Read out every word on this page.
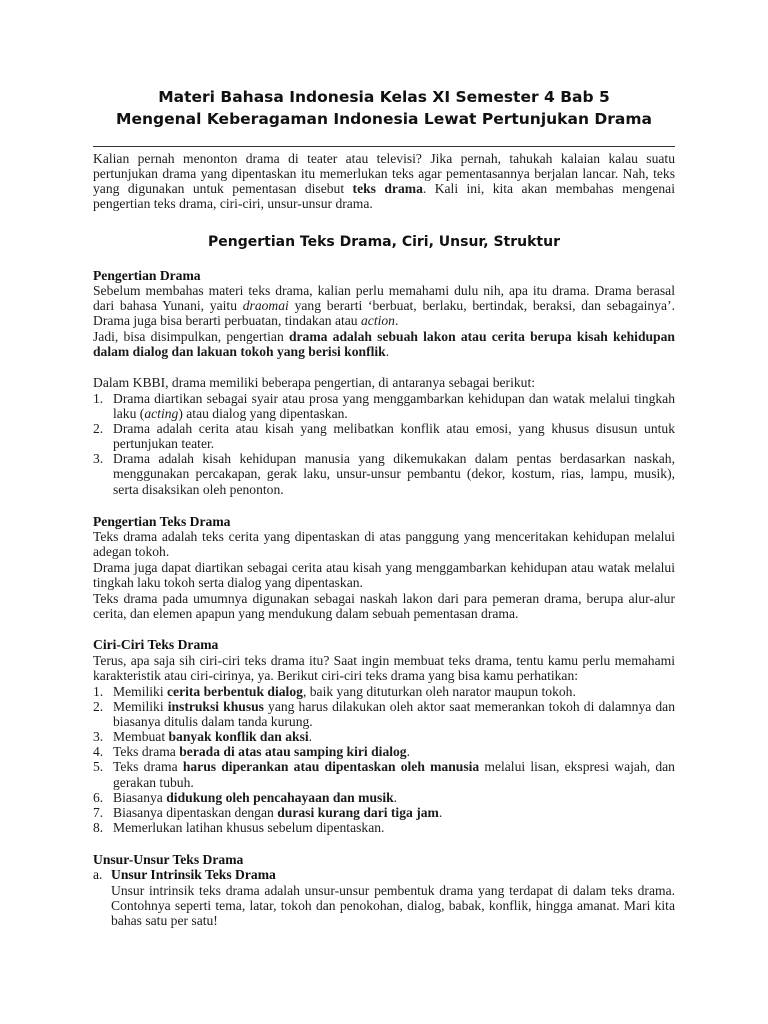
Materi Bahasa Indonesia Kelas XI Semester 4 Bab 5
Mengenal Keberagaman Indonesia Lewat Pertunjukan Drama

Kalian pernah menonton drama di teater atau televisi? Jika pernah, tahukah kalaian kalau suatu pertunjukan drama yang dipentaskan itu memerlukan teks agar pementasannya berjalan lancar. Nah, teks yang digunakan untuk pementasan disebut teks drama. Kali ini, kita akan membahas mengenai pengertian teks drama, ciri-ciri, unsur-unsur drama.

Pengertian Teks Drama, Ciri, Unsur, Struktur
Pengertian Drama

Sebelum membahas materi teks drama, kalian perlu memahami dulu nih, apa itu drama. Drama berasal dari bahasa Yunani, yaitu draomai yang berarti ‘berbuat, berlaku, bertindak, beraksi, dan sebagainya’. Drama juga bisa berarti perbuatan, tindakan atau action.

Jadi, bisa disimpulkan, pengertian drama adalah sebuah lakon atau cerita berupa kisah kehidupan dalam dialog dan lakuan tokoh yang berisi konflik.

Dalam KBBI, drama memiliki beberapa pengertian, di antaranya sebagai berikut:

1. Drama diartikan sebagai syair atau prosa yang menggambarkan kehidupan dan watak melalui tingkah laku (acting) atau dialog yang dipentaskan.
2. Drama adalah cerita atau kisah yang melibatkan konflik atau emosi, yang khusus disusun untuk pertunjukan teater.
3. Drama adalah kisah kehidupan manusia yang dikemukakan dalam pentas berdasarkan naskah, menggunakan percakapan, gerak laku, unsur-unsur pembantu (dekor, kostum, rias, lampu, musik), serta disaksikan oleh penonton.
Pengertian Teks Drama

Teks drama adalah teks cerita yang dipentaskan di atas panggung yang menceritakan kehidupan melalui adegan tokoh.

Drama juga dapat diartikan sebagai cerita atau kisah yang menggambarkan kehidupan atau watak melalui tingkah laku tokoh serta dialog yang dipentaskan.

Teks drama pada umumnya digunakan sebagai naskah lakon dari para pemeran drama, berupa alur-alur cerita, dan elemen apapun yang mendukung dalam sebuah pementasan drama.

Ciri-Ciri Teks Drama

Terus, apa saja sih ciri-ciri teks drama itu? Saat ingin membuat teks drama, tentu kamu perlu memahami karakteristik atau ciri-cirinya, ya. Berikut ciri-ciri teks drama yang bisa kamu perhatikan:

1. Memiliki cerita berbentuk dialog, baik yang dituturkan oleh narator maupun tokoh.
2. Memiliki instruksi khusus yang harus dilakukan oleh aktor saat memerankan tokoh di dalamnya dan biasanya ditulis dalam tanda kurung.
3. Membuat banyak konflik dan aksi.
4. Teks drama berada di atas atau samping kiri dialog.
5. Teks drama harus diperankan atau dipentaskan oleh manusia melalui lisan, ekspresi wajah, dan gerakan tubuh.
6. Biasanya didukung oleh pencahayaan dan musik.
7. Biasanya dipentaskan dengan durasi kurang dari tiga jam.
8. Memerlukan latihan khusus sebelum dipentaskan.
Unsur-Unsur Teks Drama
a. Unsur Intrinsik Teks Drama

Unsur intrinsik teks drama adalah unsur-unsur pembentuk drama yang terdapat di dalam teks drama. Contohnya seperti tema, latar, tokoh dan penokohan, dialog, babak, konflik, hingga amanat. Mari kita bahas satu per satu!
